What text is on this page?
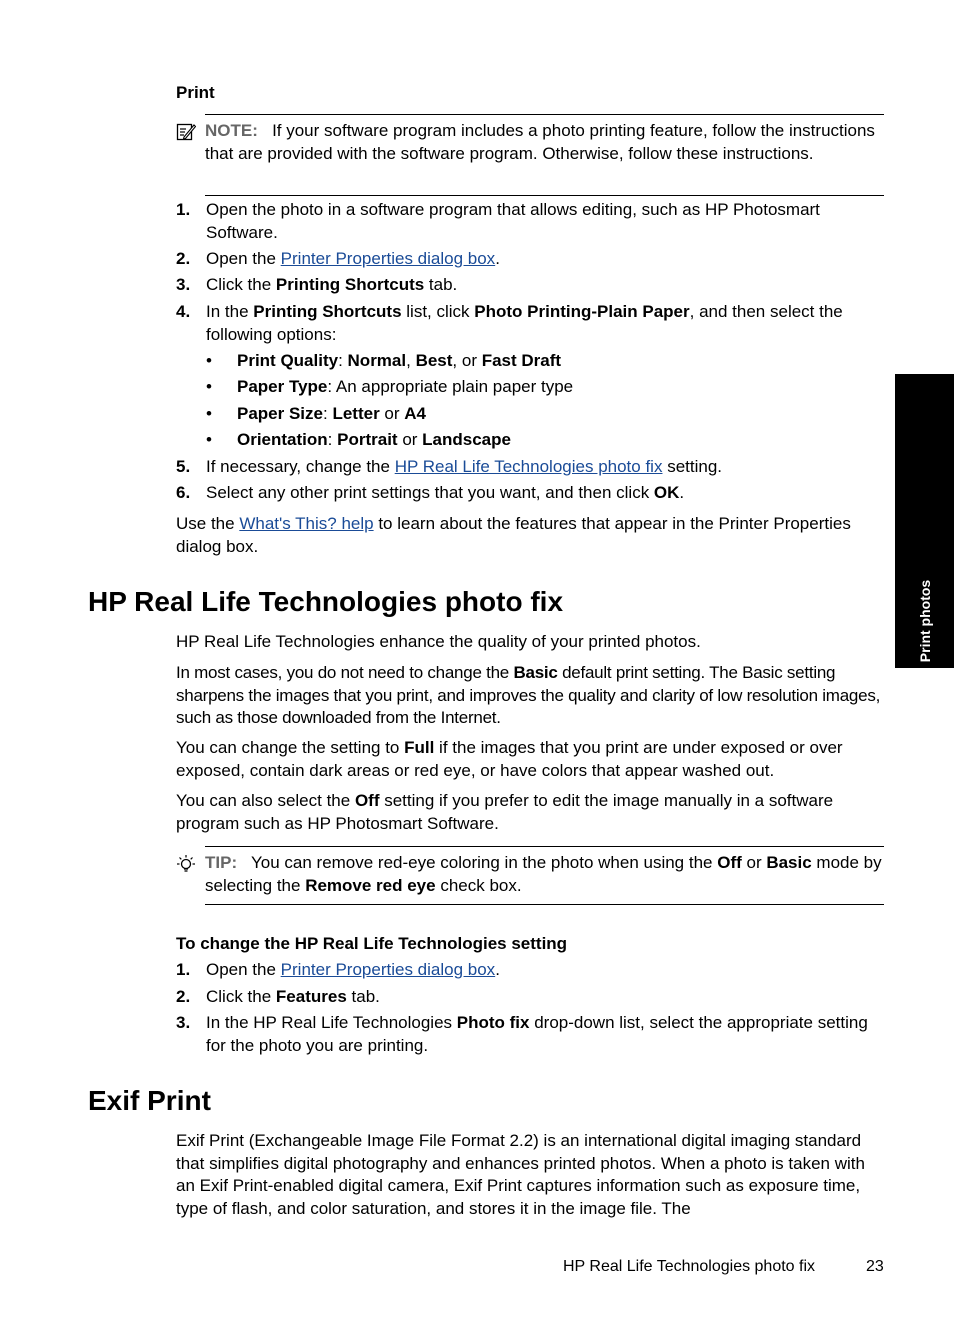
Print
NOTE: If your software program includes a photo printing feature, follow the instructions that are provided with the software program. Otherwise, follow these instructions.
1. Open the photo in a software program that allows editing, such as HP Photosmart Software.
2. Open the Printer Properties dialog box.
3. Click the Printing Shortcuts tab.
4. In the Printing Shortcuts list, click Photo Printing-Plain Paper, and then select the following options:
• Print Quality: Normal, Best, or Fast Draft
• Paper Type: An appropriate plain paper type
• Paper Size: Letter or A4
• Orientation: Portrait or Landscape
5. If necessary, change the HP Real Life Technologies photo fix setting.
6. Select any other print settings that you want, and then click OK.
Use the What's This? help to learn about the features that appear in the Printer Properties dialog box.
HP Real Life Technologies photo fix
HP Real Life Technologies enhance the quality of your printed photos.
In most cases, you do not need to change the Basic default print setting. The Basic setting sharpens the images that you print, and improves the quality and clarity of low resolution images, such as those downloaded from the Internet.
You can change the setting to Full if the images that you print are under exposed or over exposed, contain dark areas or red eye, or have colors that appear washed out.
You can also select the Off setting if you prefer to edit the image manually in a software program such as HP Photosmart Software.
TIP: You can remove red-eye coloring in the photo when using the Off or Basic mode by selecting the Remove red eye check box.
To change the HP Real Life Technologies setting
1. Open the Printer Properties dialog box.
2. Click the Features tab.
3. In the HP Real Life Technologies Photo fix drop-down list, select the appropriate setting for the photo you are printing.
Exif Print
Exif Print (Exchangeable Image File Format 2.2) is an international digital imaging standard that simplifies digital photography and enhances printed photos. When a photo is taken with an Exif Print-enabled digital camera, Exif Print captures information such as exposure time, type of flash, and color saturation, and stores it in the image file. The
Print photos
HP Real Life Technologies photo fix	23
